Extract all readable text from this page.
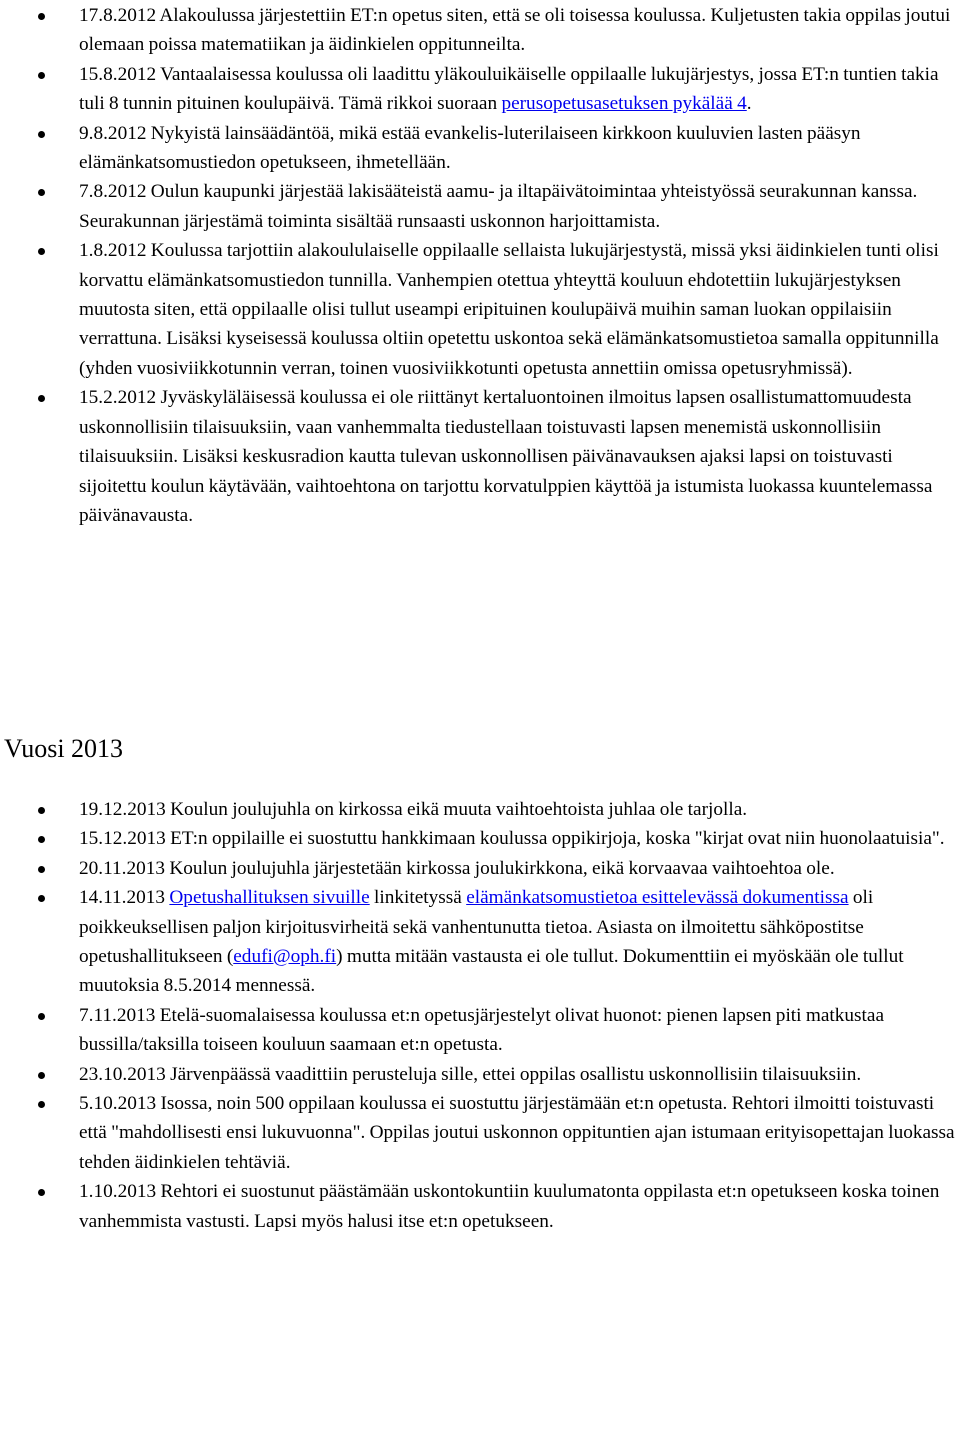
17.8.2012 Alakoulussa järjestettiin ET:n opetus siten, että se oli toisessa koulussa. Kuljetusten takia oppilas joutui olemaan poissa matematiikan ja äidinkielen oppitunneilta.
15.8.2012 Vantaalaisessa koulussa oli laadittu yläkouluikäiselle oppilaalle lukujärjestys, jossa ET:n tuntien takia tuli 8 tunnin pituinen koulupäivä. Tämä rikkoi suoraan perusopetusasetuksen pykälää 4.
9.8.2012 Nykyistä lainsäädäntöä, mikä estää evankelis-luterilaiseen kirkkoon kuuluvien lasten pääsyn elämänkatsomustiedon opetukseen, ihmetellään.
7.8.2012 Oulun kaupunki järjestää lakisääteistä aamu- ja iltapäivätoimintaa yhteistyössä seurakunnan kanssa. Seurakunnan järjestämä toiminta sisältää runsaasti uskonnon harjoittamista.
1.8.2012 Koulussa tarjottiin alakoululaiselle oppilaalle sellaista lukujärjestystä, missä yksi äidinkielen tunti olisi korvattu elämänkatsomustiedon tunnilla. Vanhempien otettua yhteyttä kouluun ehdotettiin lukujärjestyksen muutosta siten, että oppilaalle olisi tullut useampi eripituinen koulupäivä muihin saman luokan oppilaisiin verrattuna. Lisäksi kyseisessä koulussa oltiin opetettu uskontoa sekä elämänkatsomustietoa samalla oppitunnilla (yhden vuosiviikkotunnin verran, toinen vuosiviikkotunti opetusta annettiin omissa opetusryhmissä).
15.2.2012 Jyväskyläläisessä koulussa ei ole riittänyt kertaluontoinen ilmoitus lapsen osallistumattomuudesta uskonnollisiin tilaisuuksiin, vaan vanhemmalta tiedustellaan toistuvasti lapsen menemistä uskonnollisiin tilaisuuksiin. Lisäksi keskusradion kautta tulevan uskonnollisen päivänavauksen ajaksi lapsi on toistuvasti sijoitettu koulun käytävään, vaihtoehtona on tarjottu korvatulppien käyttöä ja istumista luokassa kuuntelemassa päivänavausta.
Vuosi 2013
19.12.2013 Koulun joulujuhla on kirkossa eikä muuta vaihtoehtoista juhlaa ole tarjolla.
15.12.2013 ET:n oppilaille ei suostuttu hankkimaan koulussa oppikirjoja, koska "kirjat ovat niin huonolaatuisia".
20.11.2013 Koulun joulujuhla järjestetään kirkossa joulukirkkona, eikä korvaavaa vaihtoehtoa ole.
14.11.2013 Opetushallituksen sivuille linkitetyssä elämänkatsomustietoa esittelevässä dokumentissa oli poikkeuksellisen paljon kirjoitusvirheitä sekä vanhentunutta tietoa. Asiasta on ilmoitettu sähköpostitse opetushallitukseen (edufi@oph.fi) mutta mitään vastausta ei ole tullut. Dokumenttiin ei myöskään ole tullut muutoksia 8.5.2014 mennessä.
7.11.2013 Etelä-suomalaisessa koulussa et:n opetusjärjestelyt olivat huonot: pienen lapsen piti matkustaa bussilla/taksilla toiseen kouluun saamaan et:n opetusta.
23.10.2013 Järvenpäässä vaadittiin perusteluja sille, ettei oppilas osallistu uskonnollisiin tilaisuuksiin.
5.10.2013 Isossa, noin 500 oppilaan koulussa ei suostuttu järjestämään et:n opetusta. Rehtori ilmoitti toistuvasti että "mahdollisesti ensi lukuvuonna". Oppilas joutui uskonnon oppituntien ajan istumaan erityisopettajan luokassa tehden äidinkielen tehtäviä.
1.10.2013 Rehtori ei suostunut päästämään uskontokuntiin kuulumatonta oppilasta et:n opetukseen koska toinen vanhemmista vastusti. Lapsi myös halusi itse et:n opetukseen.
